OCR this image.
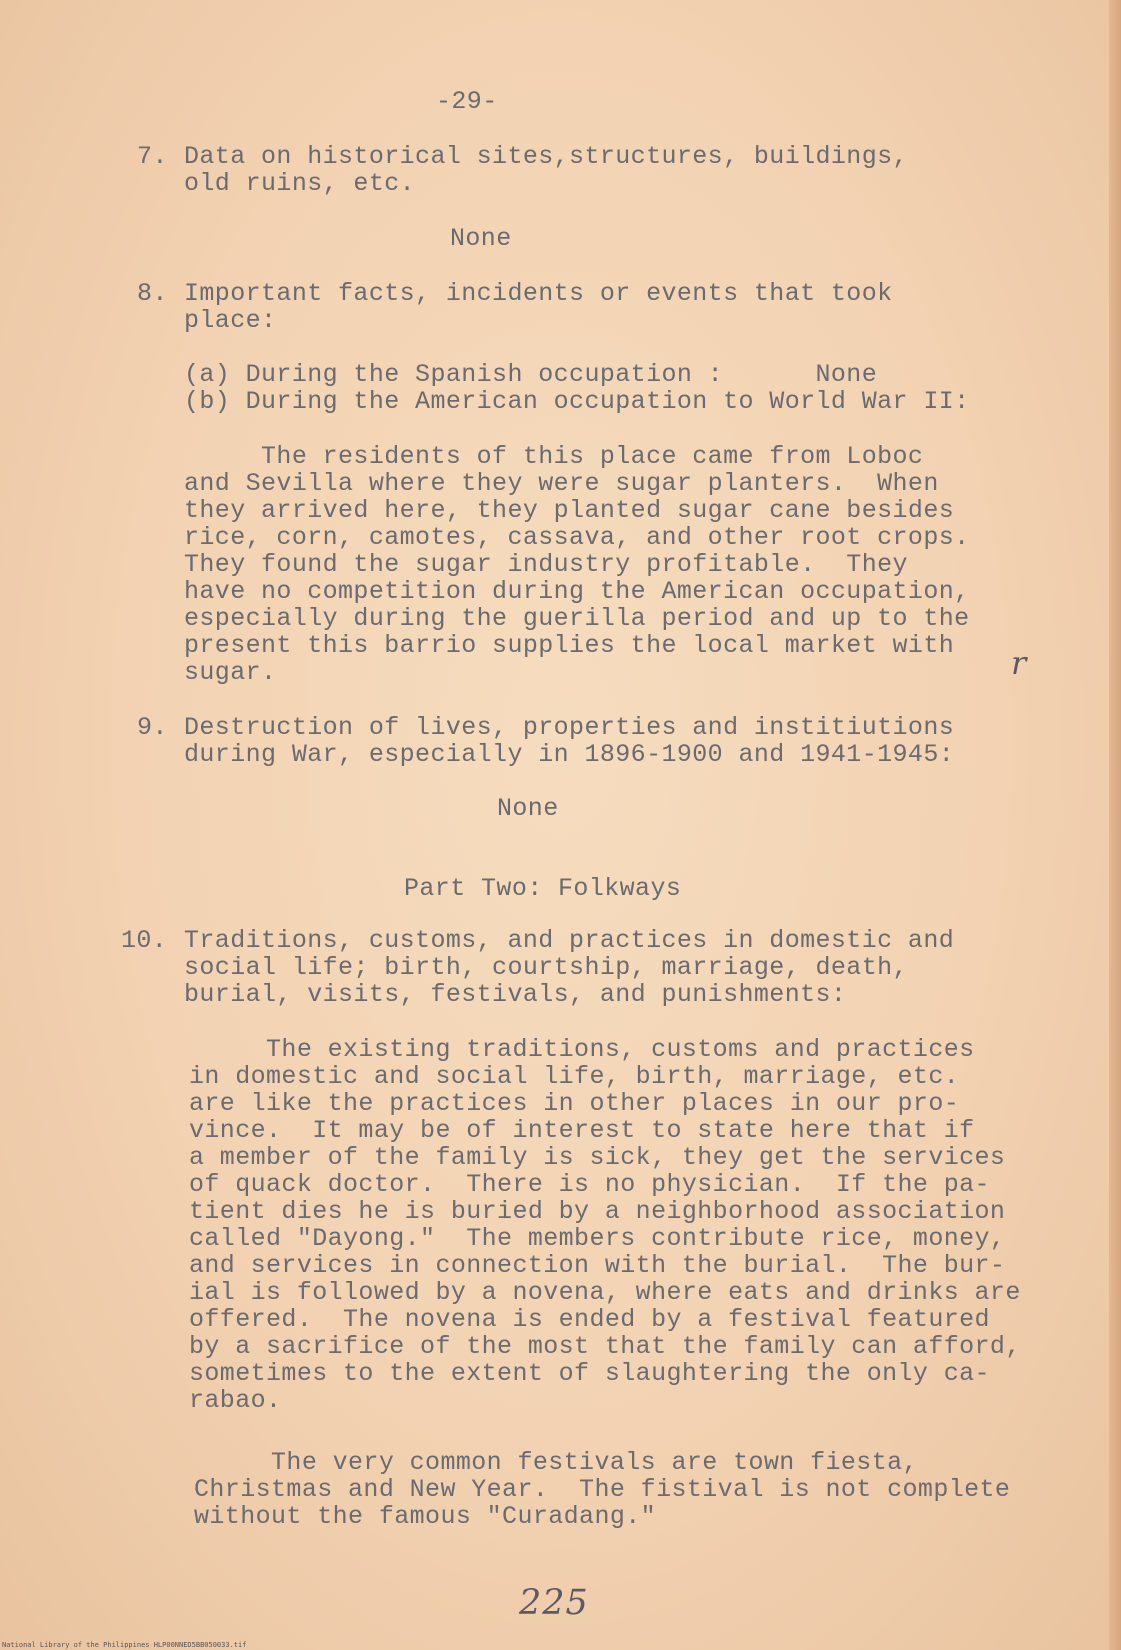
-29-
7. Data on historical sites,structures, buildings,
old ruins, etc.
None
8. Important facts, incidents or events that took
place:
(a) During the Spanish occupation :      None
(b) During the American occupation to World War II:
The residents of this place came from Loboc
and Sevilla where they were sugar planters.  When
they arrived here, they planted sugar cane besides
rice, corn, camotes, cassava, and other root crops.
They found the sugar industry profitable.  They
have no competition during the American occupation,
especially during the guerilla period and up to the
present this barrio supplies the local market with
sugar.	r
9. Destruction of lives, properties and institiutions
during War, especially in 1896-1900 and 1941-1945:
None
Part Two: Folkways
10. Traditions, customs, and practices in domestic and
social life; birth, courtship, marriage, death,
burial, visits, festivals, and punishments:
The existing traditions, customs and practices
in domestic and social life, birth, marriage, etc.
are like the practices in other places in our pro-
vince.  It may be of interest to state here that if
a member of the family is sick, they get the services
of quack doctor.  There is no physician.  If the pa-
tient dies he is buried by a neighborhood association
called "Dayong."  The members contribute rice, money,
and services in connection with the burial.  The bur-
ial is followed by a novena, where eats and drinks are
offered.  The novena is ended by a festival featured
by a sacrifice of the most that the family can afford,
sometimes to the extent of slaughtering the only ca-
rabao.
The very common festivals are town fiesta,
Christmas and New Year.  The fistival is not complete
without the famous "Curadang."
225
National Library of the Philippines HLP00NNED5BB050033.tif
